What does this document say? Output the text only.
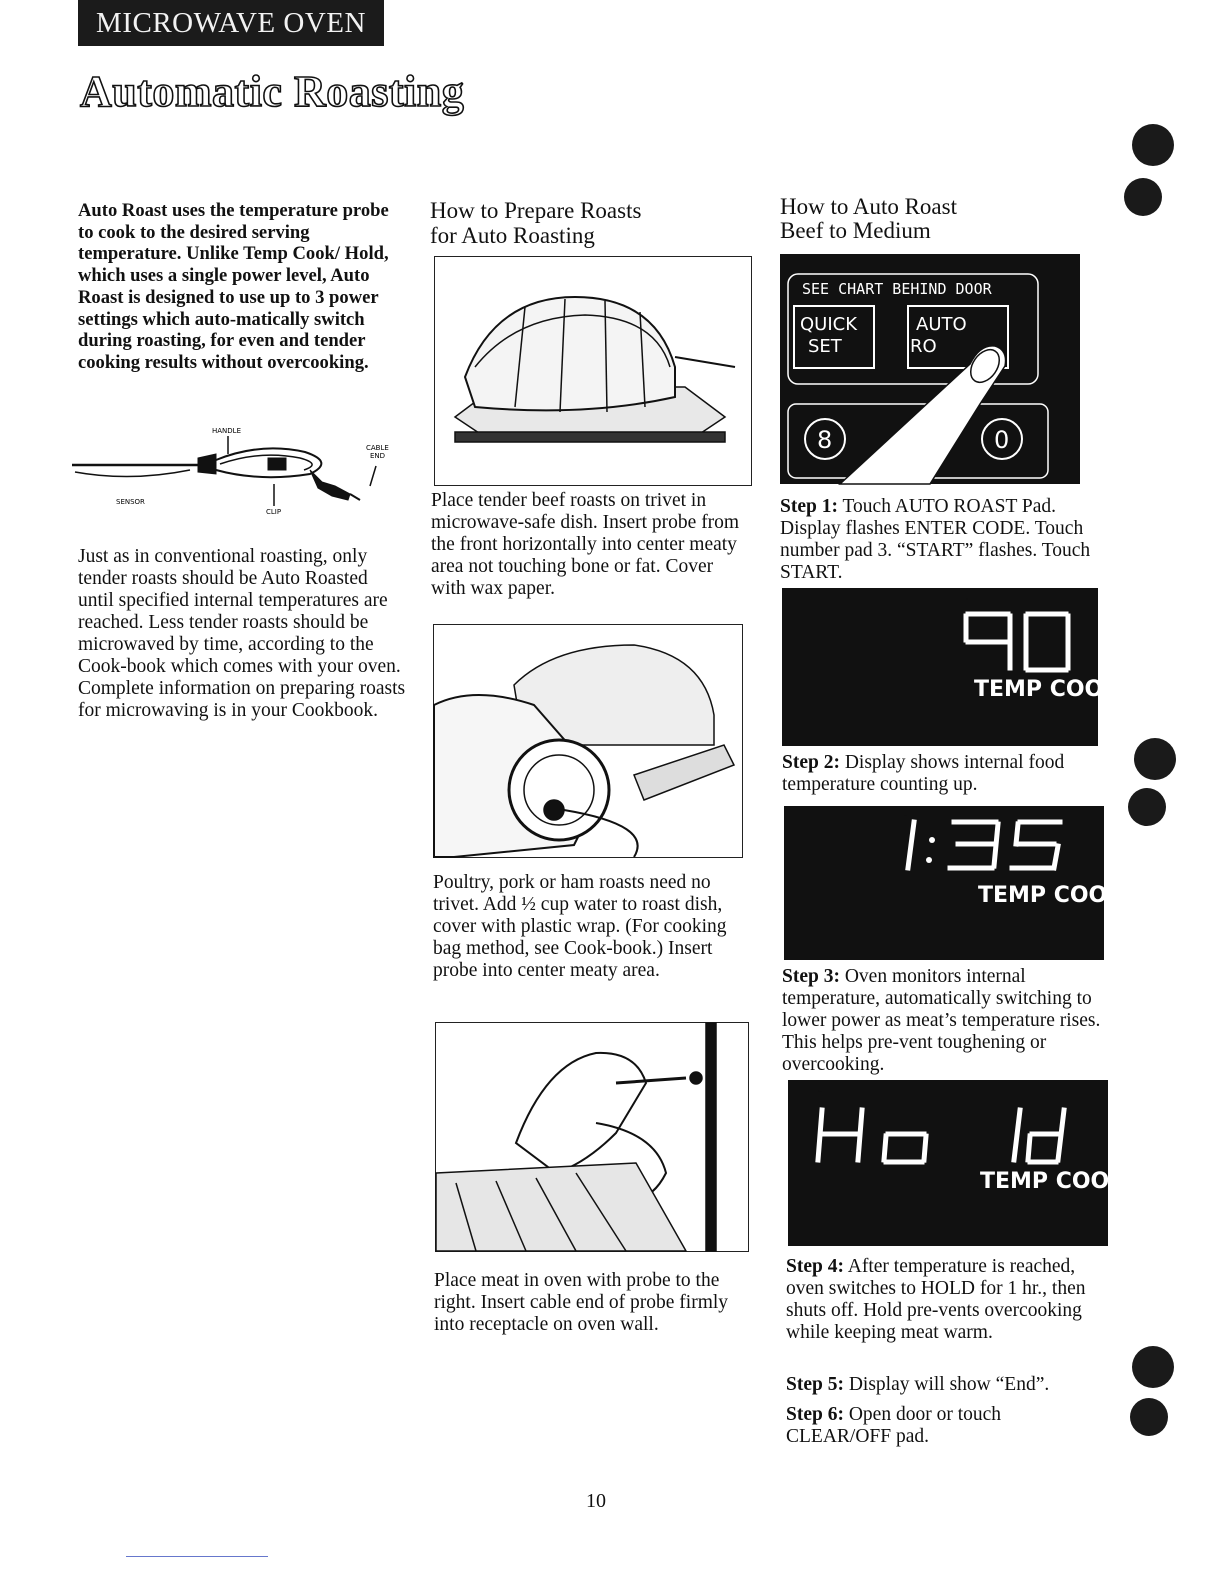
MICROWAVE OVEN
Automatic Roasting
Auto Roast uses the temperature probe to cook to the desired serving temperature. Unlike Temp Cook/ Hold, which uses a single power level, Auto Roast is designed to use up to 3 power settings which auto-matically switch during roasting, for even and tender cooking results without overcooking.
HANDLE
CABLE
END
SENSOR
CLIP
Just as in conventional roasting, only tender roasts should be Auto Roasted until specified internal temperatures are reached. Less tender roasts should be microwaved by time, according to the Cook-book which comes with your oven. Complete information on preparing roasts for microwaving is in your Cookbook.
How to Prepare Roasts
for Auto Roasting
Place tender beef roasts on trivet in microwave-safe dish. Insert probe from the front horizontally into center meaty area not touching bone or fat. Cover with wax paper.
Poultry, pork or ham roasts need no trivet. Add ½ cup water to roast dish, cover with plastic wrap. (For cooking bag method, see Cook-book.) Insert probe into center meaty area.
Place meat in oven with probe to the right. Insert cable end of probe firmly into receptacle on oven wall.
How to Auto Roast
Beef to Medium
SEE CHART BEHIND DOOR
QUICK
SET
AUTO
RO
8	0
Step 1: Touch AUTO ROAST Pad. Display flashes ENTER CODE. Touch number pad 3. “START” flashes. Touch START.
90
TEMP COOK
Step 2: Display shows internal food temperature counting up.
1:35
TEMP COOK
Step 3: Oven monitors internal temperature, automatically switching to lower power as meat’s temperature rises. This helps pre-vent toughening or overcooking.
Hold
TEMP COOK
Step 4: After temperature is reached, oven switches to HOLD for 1 hr., then shuts off. Hold pre-vents overcooking while keeping meat warm.
Step 5: Display will show “End”.
Step 6: Open door or touch CLEAR/OFF pad.
10
